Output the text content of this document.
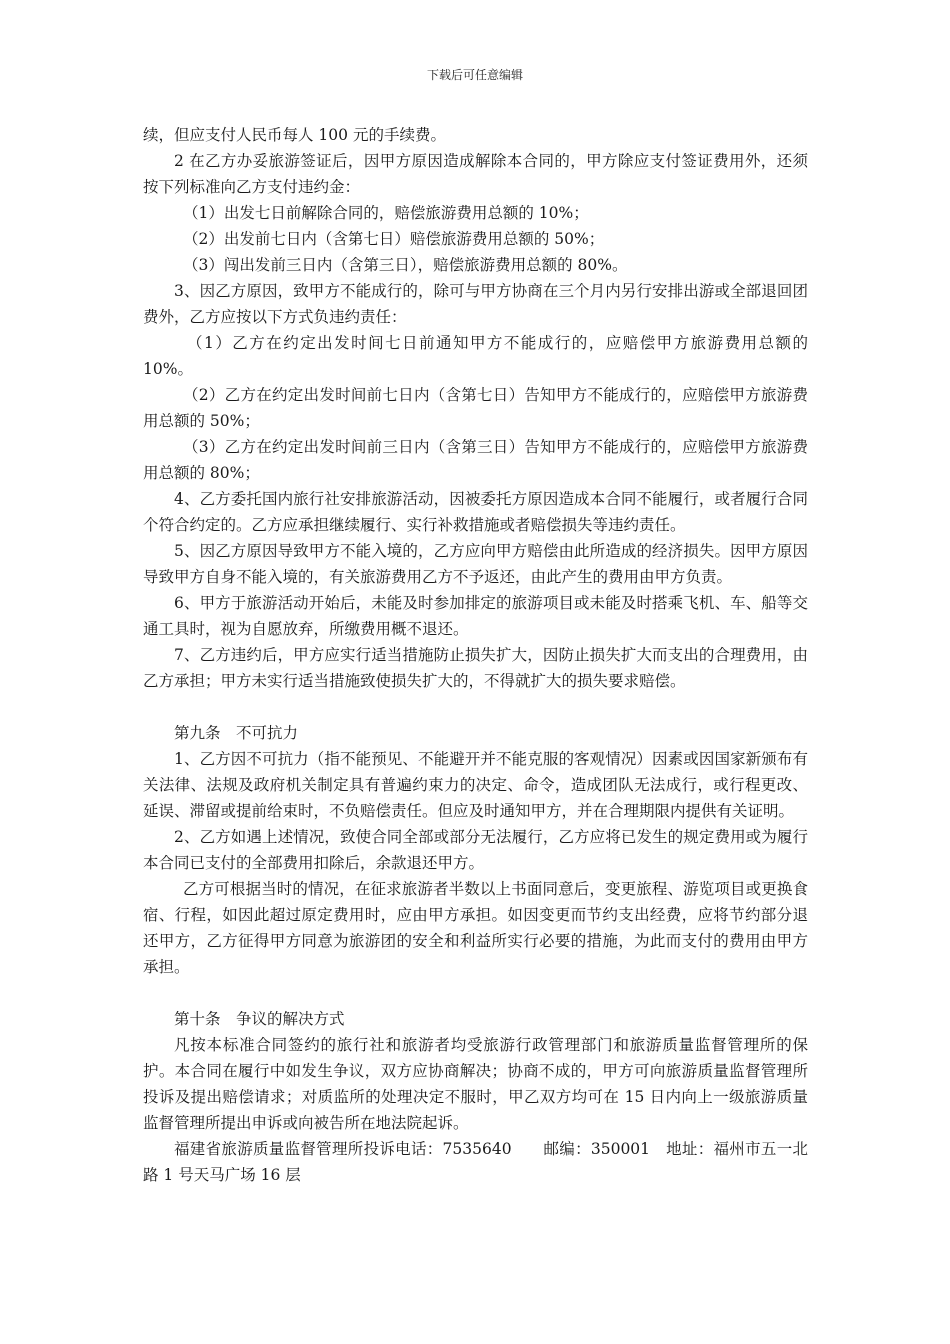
下载后可任意编辑

续，但应支付人民币每人 100 元的手续费。

2 在乙方办妥旅游签证后，因甲方原因造成解除本合同的，甲方除应支付签证费用外，还须按下列标准向乙方支付违约金：

（1）出发七日前解除合同的，赔偿旅游费用总额的 10%；

（2）出发前七日内（含第七日）赔偿旅游费用总额的 50%；

（3）闯出发前三日内（含第三日），赔偿旅游费用总额的 80%。

3、因乙方原因，致甲方不能成行的，除可与甲方协商在三个月内另行安排出游或全部退回团费外，乙方应按以下方式负违约责任：

（1）乙方在约定出发时间七日前通知甲方不能成行的，应赔偿甲方旅游费用总额的 10%。

（2）乙方在约定出发时间前七日内（含第七日）告知甲方不能成行的，应赔偿甲方旅游费用总额的 50%；

（3）乙方在约定出发时间前三日内（含第三日）告知甲方不能成行的，应赔偿甲方旅游费用总额的 80%；

4、乙方委托国内旅行社安排旅游活动，因被委托方原因造成本合同不能履行，或者履行合同个符合约定的。乙方应承担继续履行、实行补救措施或者赔偿损失等违约责任。

5、因乙方原因导致甲方不能入境的，乙方应向甲方赔偿由此所造成的经济损失。因甲方原因导致甲方自身不能入境的，有关旅游费用乙方不予返还，由此产生的费用由甲方负责。

6、甲方于旅游活动开始后，未能及时参加排定的旅游项目或未能及时搭乘飞机、车、船等交通工具时，视为自愿放弃，所缴费用概不退还。

7、乙方违约后，甲方应实行适当措施防止损失扩大，因防止损失扩大而支出的合理费用，由乙方承担；甲方未实行适当措施致使损失扩大的，不得就扩大的损失要求赔偿。

第九条　不可抗力

1、乙方因不可抗力（指不能预见、不能避开并不能克服的客观情况）因素或因国家新颁布有关法律、法规及政府机关制定具有普遍约束力的决定、命令，造成团队无法成行，或行程更改、延误、滞留或提前给束时，不负赔偿责任。但应及时通知甲方，并在合理期限内提供有关证明。

2、乙方如遇上述情况，致使合同全部或部分无法履行，乙方应将已发生的规定费用或为履行本合同已支付的全部费用扣除后，余款退还甲方。

乙方可根据当时的情况，在征求旅游者半数以上书面同意后，变更旅程、游览项目或更换食宿、行程，如因此超过原定费用时，应由甲方承担。如因变更而节约支出经费，应将节约部分退还甲方，乙方征得甲方同意为旅游团的安全和利益所实行必要的措施，为此而支付的费用由甲方承担。

第十条　争议的解决方式

凡按本标准合同签约的旅行社和旅游者均受旅游行政管理部门和旅游质量监督管理所的保护。本合同在履行中如发生争议，双方应协商解决；协商不成的，甲方可向旅游质量监督管理所投诉及提出赔偿请求；对质监所的处理决定不服时，甲乙双方均可在 15 日内向上一级旅游质量监督管理所提出申诉或向被告所在地法院起诉。

福建省旅游质量监督管理所投诉电话：7535640　　邮编：350001　地址：福州市五一北路 1 号天马广场 16 层
